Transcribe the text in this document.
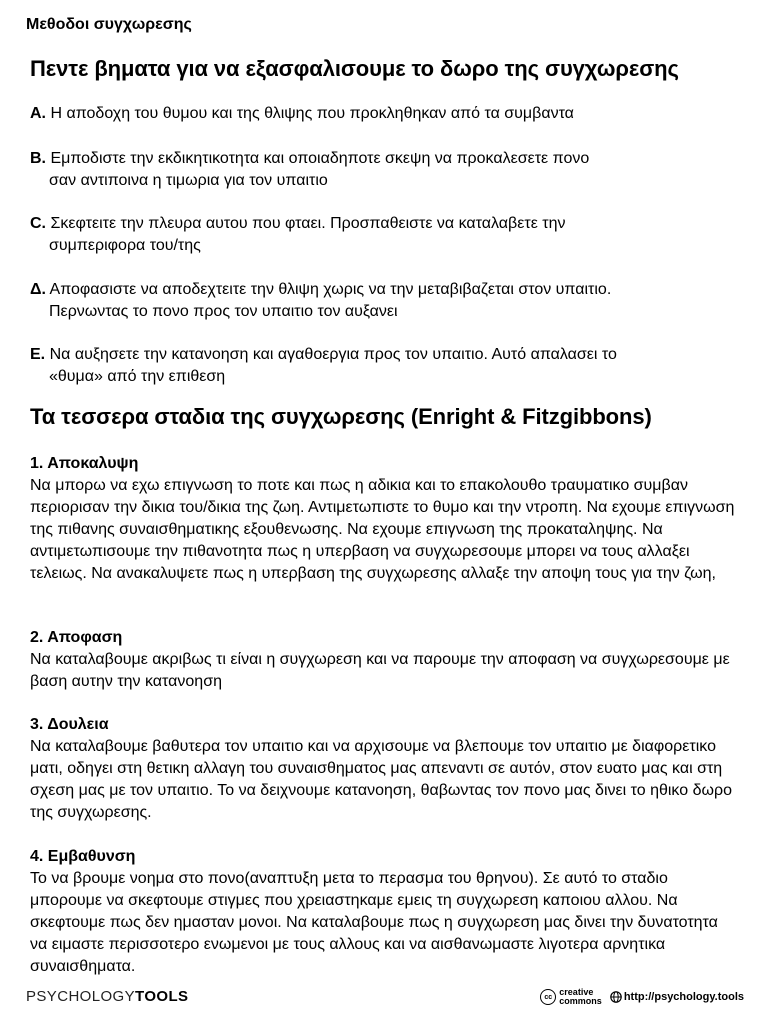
Μεθοδοι συγχωρεσης
Πεντε βηματα για να εξασφαλισουμε το δωρο της συγχωρεσης
A. Η αποδοχη του θυμου και της θλιψης που προκληθηκαν από τα συμβαντα
B. Εμποδιστε την εκδικητικοτητα και οποιαδηποτε σκεψη να προκαλεσετε πονο
σαν αντιποινα η τιμωρια για τον υπαιτιο
C. Σκεφτειτε την πλευρα αυτου που φταει. Προσπαθειστε να καταλαβετε την
συμπεριφορα του/της
Δ. Αποφασιστε να αποδεχτειτε την θλιψη χωρις να την μεταβιβαζεται στον υπαιτιο.
Περνωντας το πονο προς τον υπαιτιο τον αυξανει
E. Να αυξησετε την κατανοηση και αγαθοεργια προς τον υπαιτιο. Αυτό απαλασει το
«θυμα» από την επιθεση
Τα τεσσερα σταδια της συγχωρεσης (Enright & Fitzgibbons)
1. Αποκαλυψη
Να μπορω να εχω επιγνωση το ποτε και πως η αδικια και το επακολουθο τραυματικο συμβαν περιορισαν την δικια του/δικια της ζωη. Αντιμετωπιστε το θυμο και την ντροπη. Να εχουμε επιγνωση της πιθανης συναισθηματικης εξουθενωσης. Να εχουμε επιγνωση της προκαταληψης. Να αντιμετωπισουμε την πιθανοτητα πως η υπερβαση να συγχωρεσουμε μπορει να τους αλλαξει τελειως. Να ανακαλυψετε πως η υπερβαση της συγχωρεσης αλλαξε την αποψη τους για την ζωη,
2. Αποφαση
Να καταλαβουμε ακριβως τι είναι η συγχωρεση και να παρουμε την αποφαση να συγχωρεσουμε με βαση αυτην την κατανοηση
3. Δουλεια
Να καταλαβουμε βαθυτερα τον υπαιτιο και να αρχισουμε να βλεπουμε τον υπαιτιο με διαφορετικο ματι, οδηγει στη θετικη αλλαγη του συναισθηματος μας απεναντι σε αυτόν, στον ευατο μας και στη σχεση μας με τον υπαιτιο. Το να δειχνουμε κατανοηση, θαβωντας τον πονο μας δινει το ηθικο δωρο της συγχωρεσης.
4. Εμβαθυνση
Το να βρουμε νοημα στο πονο(αναπτυξη μετα το περασμα του θρηνου). Σε αυτό το σταδιο μπορουμε να σκεφτουμε στιγμες που χρειαστηκαμε εμεις τη συγχωρεση καποιου αλλου. Να σκεφτουμε πως δεν ημασταν μονοι. Να καταλαβουμε πως η συγχωρεση μας δινει την δυνατοτητα να ειμαστε περισσοτερο ενωμενοι με τους αλλους και να αισθανωμαστε λιγοτερα αρνητικα συναισθηματα.
PSYCHOLOGYTOOLS	cc creative
commons http://psychology.tools
